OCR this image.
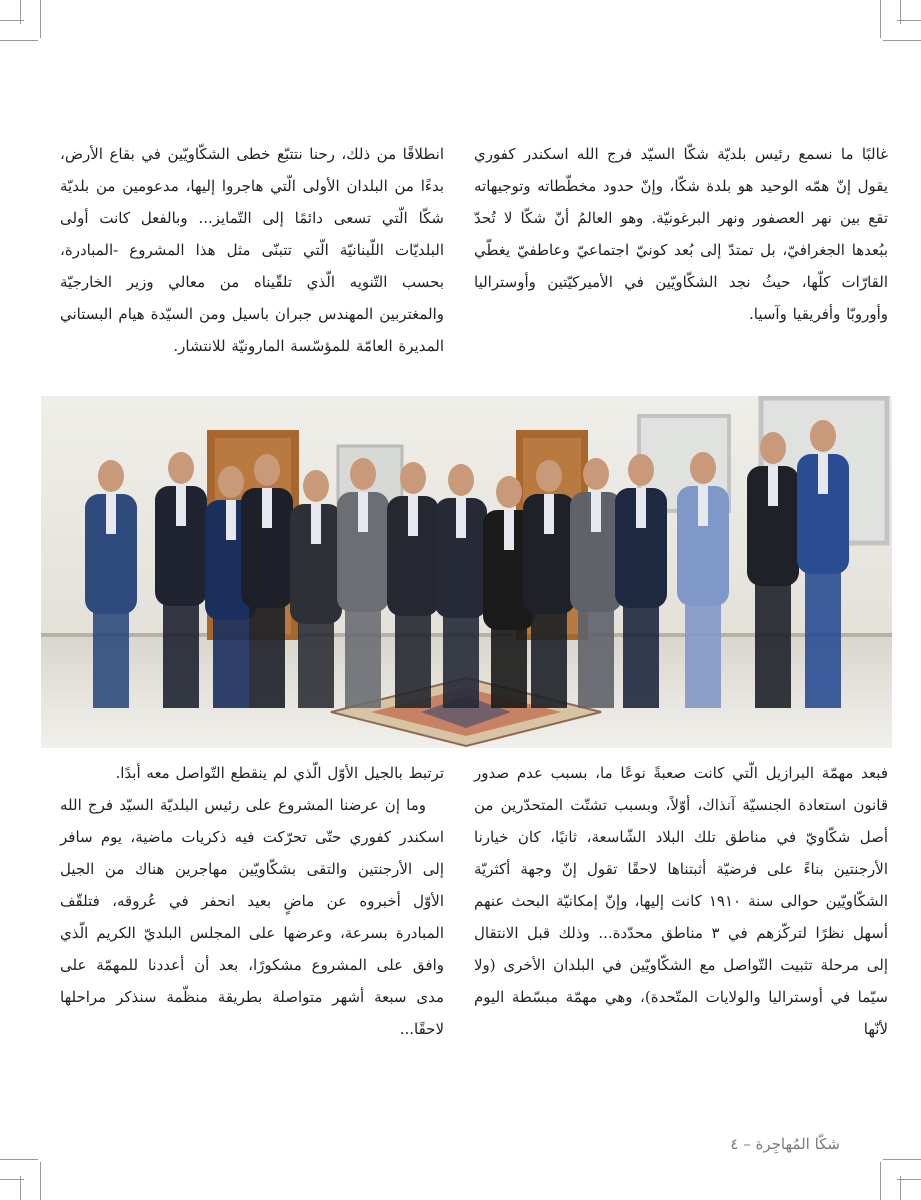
غالبًا ما نسمع رئيس بلديّة شكّا السيّد فرج الله اسكندر كفوري يقول إنّ همّه الوحيد هو بلدة شكّا، وإنّ حدود مخطّطاته وتوجيهاته تقع بين نهر العصفور ونهر البرغونيّة. وهو العالمُ أنّ شكّا لا تُحدّ ببُعدها الجغرافيّ، بل تمتدّ إلى بُعد كونيّ اجتماعيّ وعاطفيّ يغطّي القارّات كلّها، حيثُ نجد الشكّاويّين في الأميركيّتين وأوستراليا وأوروبّا وأفريقيا وآسيا.

انطلاقًا من ذلك، رحنا نتتبّع خطى الشكّاويّين في بقاع الأرض، بدءًا من البلدان الأولى الّتي هاجروا إليها، مدعومين من بلديّة شكّا الّتي تسعى دائمًا إلى التّمايز... وبالفعل كانت أولى البلديّات اللّبنانيّة الّتي تتبنّى مثل هذا المشروع -المبادرة، بحسب التّنويه الّذي تلقّيناه من معالي وزير الخارجيّة والمغتربين المهندس جبران باسيل ومن السيّدة هيام البستاني المديرة العامّة للمؤسّسة المارونيّة للانتشار.

فبعد مهمّة البرازيل الّتي كانت صعبةً نوعًا ما، بسبب عدم صدور قانون استعادة الجنسيّة آنذاك، أوّلاً، وبسبب تشتّت المتحدّرين من أصل شكّاويّ في مناطق تلك البلاد الشّاسعة، ثانيًا، كان خيارنا الأرجنتين بناءً على فرضيّة أثبتناها لاحقًا تقول إنّ وجهة أكثريّة الشكّاويّين حوالى سنة ١٩١٠ كانت إليها، وإنّ إمكانيّة البحث عنهم أسهل نظرًا لتركّزهم في ٣ مناطق محدّدة... وذلك قبل الانتقال إلى مرحلة تثبيت التّواصل مع الشكّاويّين في البلدان الأخرى (ولا سيّما في أوستراليا والولايات المتّحدة)، وهي مهمّة مبسّطة اليوم لأنّها

ترتبط بالجيل الأوّل الّذي لم ينقطع التّواصل معه أبدًا.

وما إن عرضنا المشروع على رئيس البلديّة السيّد فرج الله اسكندر كفوري حتّى تحرّكت فيه ذكريات ماضية، يوم سافر إلى الأرجنتين والتقى بشكّاويّين مهاجرين هناك من الجيل الأوّل أخبروه عن ماضٍ بعيد انحفر في عُروقه، فتلقّف المبادرة بسرعة، وعرضها على المجلس البلديّ الكريم الّذي وافق على المشروع مشكورًا، بعد أن أعددنا للمهمّة على مدى سبعة أشهر متواصلة بطريقة منظّمة سنذكر مراحلها لاحقًا...

شكّا المُهاجِرة – ٤
